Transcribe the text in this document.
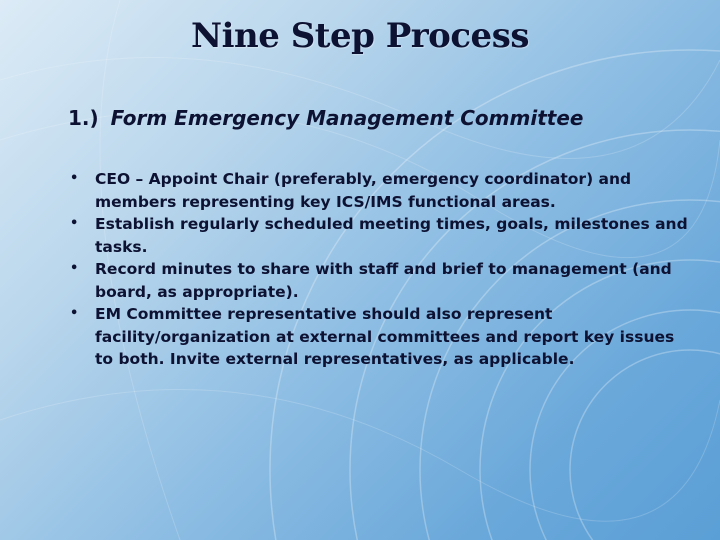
Nine Step Process
1.) Form Emergency Management Committee
• CEO – Appoint Chair (preferably, emergency coordinator) and members representing key ICS/IMS functional areas.
• Establish regularly scheduled meeting times, goals, milestones and tasks.
• Record minutes to share with staff and brief to management (and board, as appropriate).
• EM Committee representative should also represent facility/organization at external committees and report key issues to both. Invite external representatives, as applicable.
